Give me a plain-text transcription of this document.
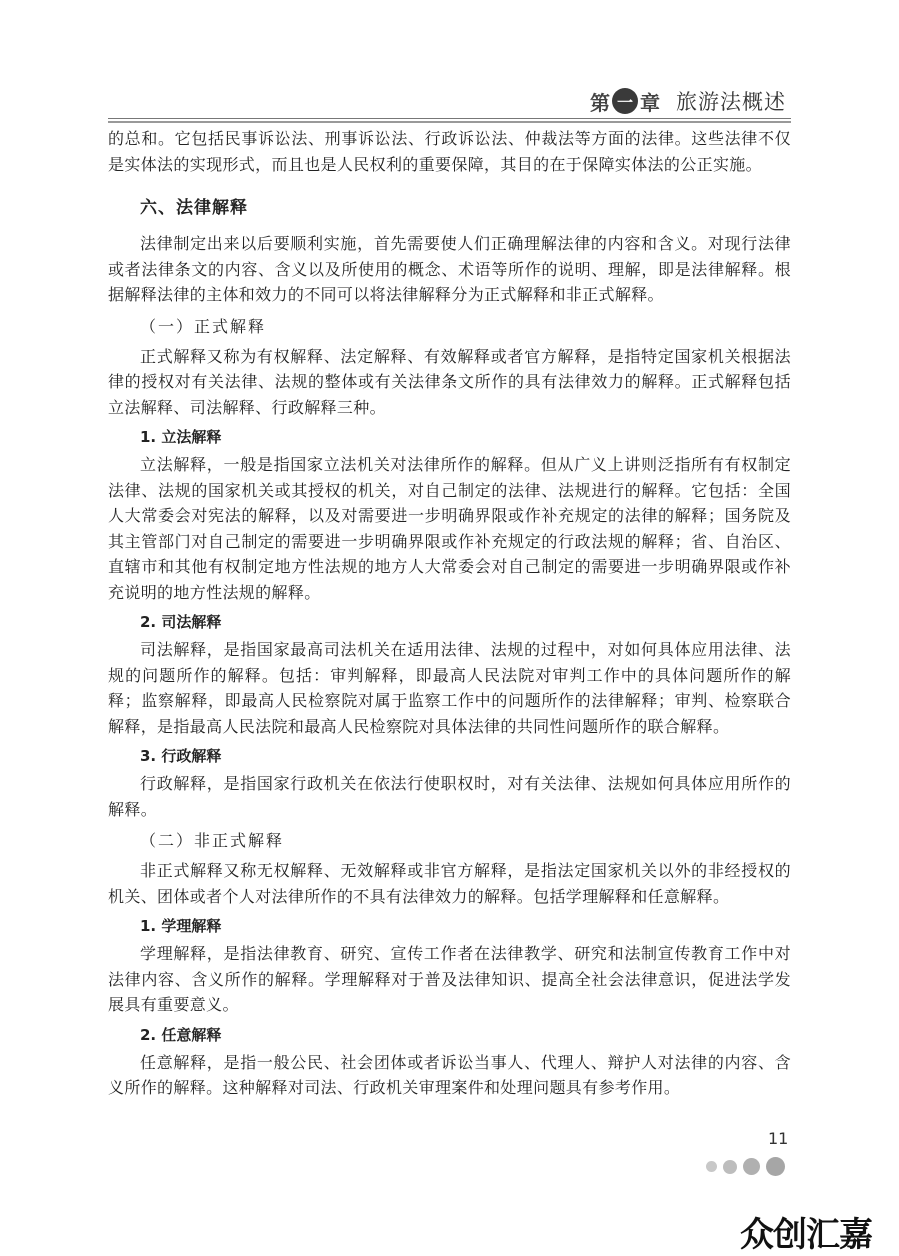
第 一 章 旅游法概述

的总和。它包括民事诉讼法、刑事诉讼法、行政诉讼法、仲裁法等方面的法律。这些法律不仅是实体法的实现形式，而且也是人民权利的重要保障，其目的在于保障实体法的公正实施。

六、法律解释

法律制定出来以后要顺利实施，首先需要使人们正确理解法律的内容和含义。对现行法律或者法律条文的内容、含义以及所使用的概念、术语等所作的说明、理解，即是法律解释。根据解释法律的主体和效力的不同可以将法律解释分为正式解释和非正式解释。

（一）正式解释

正式解释又称为有权解释、法定解释、有效解释或者官方解释，是指特定国家机关根据法律的授权对有关法律、法规的整体或有关法律条文所作的具有法律效力的解释。正式解释包括立法解释、司法解释、行政解释三种。

1. 立法解释

立法解释，一般是指国家立法机关对法律所作的解释。但从广义上讲则泛指所有有权制定法律、法规的国家机关或其授权的机关，对自己制定的法律、法规进行的解释。它包括：全国人大常委会对宪法的解释，以及对需要进一步明确界限或作补充规定的法律的解释；国务院及其主管部门对自己制定的需要进一步明确界限或作补充规定的行政法规的解释；省、自治区、直辖市和其他有权制定地方性法规的地方人大常委会对自己制定的需要进一步明确界限或作补充说明的地方性法规的解释。

2. 司法解释

司法解释，是指国家最高司法机关在适用法律、法规的过程中，对如何具体应用法律、法规的问题所作的解释。包括：审判解释，即最高人民法院对审判工作中的具体问题所作的解释；监察解释，即最高人民检察院对属于监察工作中的问题所作的法律解释；审判、检察联合解释，是指最高人民法院和最高人民检察院对具体法律的共同性问题所作的联合解释。

3. 行政解释

行政解释，是指国家行政机关在依法行使职权时，对有关法律、法规如何具体应用所作的解释。

（二）非正式解释

非正式解释又称无权解释、无效解释或非官方解释，是指法定国家机关以外的非经授权的机关、团体或者个人对法律所作的不具有法律效力的解释。包括学理解释和任意解释。

1. 学理解释

学理解释，是指法律教育、研究、宣传工作者在法律教学、研究和法制宣传教育工作中对法律内容、含义所作的解释。学理解释对于普及法律知识、提高全社会法律意识，促进法学发展具有重要意义。

2. 任意解释

任意解释，是指一般公民、社会团体或者诉讼当事人、代理人、辩护人对法律的内容、含义所作的解释。这种解释对司法、行政机关审理案件和处理问题具有参考作用。

11
众创汇嘉
